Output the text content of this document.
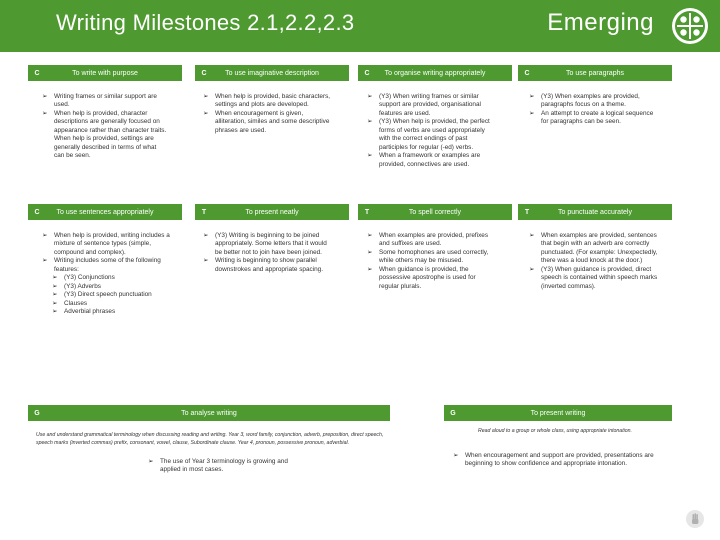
Writing Milestones 2.1,2.2,2.3	Emerging
C	To write with purpose	C	To use imaginative description	C	To organise writing appropriately	C	To use paragraphs
➢ Writing frames or similar support are used.
➢ When help is provided, character descriptions are generally focused on appearance rather than character traits. When help is provided, settings are generally described in terms of what can be seen.
➢ When help is provided, basic characters, settings and plots are developed.
➢ When encouragement is given, alliteration, similes and some descriptive phrases are used.
➢ (Y3) When writing frames or similar support are provided, organisational features are used.
➢ (Y3) When help is provided, the perfect forms of verbs are used appropriately with the correct endings of past participles for regular (-ed) verbs.
➢ When a framework or examples are provided, connectives are used.
➢ (Y3) When examples are provided, paragraphs focus on a theme.
➢ An attempt to create a logical sequence for paragraphs can be seen.
C	To use sentences appropriately	T	To present neatly	T	To spell correctly	T	To punctuate accurately
➢ When help is provided, writing includes a mixture of sentence types (simple, compound and complex).
➢ Writing includes some of the following features:
➢ (Y3) Conjunctions
➢ (Y3) Adverbs
➢ (Y3) Direct speech punctuation
➢ Clauses
➢ Adverbial phrases
➢ (Y3) Writing is beginning to be joined appropriately. Some letters that it would be better not to join have been joined.
➢ Writing is beginning to show parallel downstrokes and appropriate spacing.
➢ When examples are provided, prefixes and suffixes are used.
➢ Some homophones are used correctly, while others may be misused.
➢ When guidance is provided, the possessive apostrophe is used for regular plurals.
➢ When examples are provided, sentences that begin with an adverb are correctly punctuated. (For example: Unexpectedly, there was a loud knock at the door.)
➢ (Y3) When guidance is provided, direct speech is contained within speech marks (inverted commas).
G	To analyse writing	G	To present writing
Use and understand grammatical terminology when discussing reading and writing. Year 3, word family, conjunction, adverb, preposition, direct speech, speech marks (inverted commas) prefix, consonant, vowel, clause, Subordinate clause. Year 4, pronoun, possessive pronoun, adverbial.
➢ The use of Year 3 terminology is growing and applied in most cases.
Read aloud to a group or whole class, using appropriate intonation.
➢ When encouragement and support are provided, presentations are beginning to show confidence and appropriate intonation.
